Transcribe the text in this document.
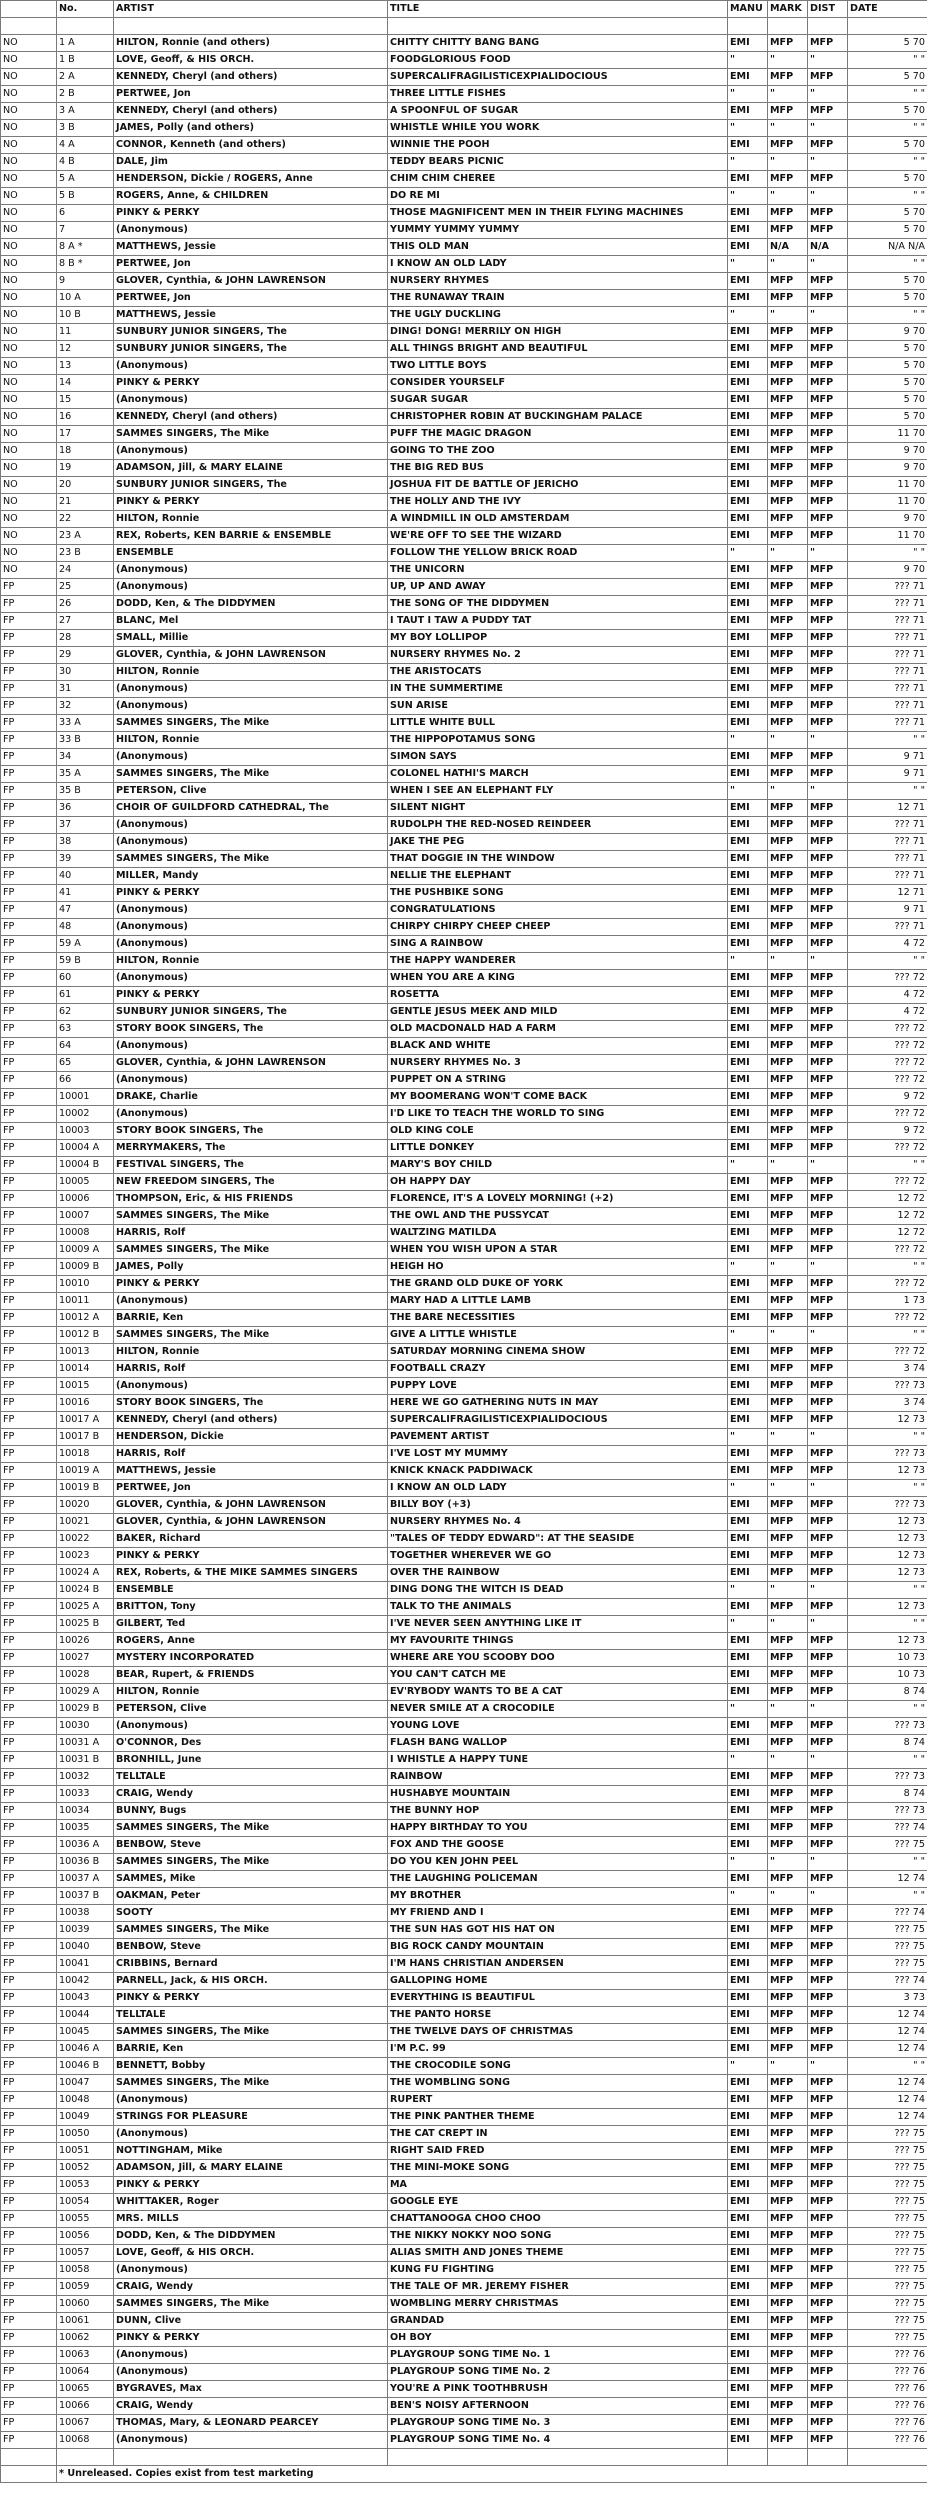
	No.	ARTIST	TITLE	MANU	MARK	DIST	DATE

NO	1 A	HILTON, Ronnie (and others)	CHITTY CHITTY BANG BANG	EMI	MFP	MFP	5 70
NO	1 B	LOVE, Geoff, & HIS ORCH.	FOODGLORIOUS FOOD	"	"	"	" "
NO	2 A	KENNEDY, Cheryl (and others)	SUPERCALIFRAGILISTICEXPIALIDOCIOUS	EMI	MFP	MFP	5 70
NO	2 B	PERTWEE, Jon	THREE LITTLE FISHES	"	"	"	" "
NO	3 A	KENNEDY, Cheryl (and others)	A SPOONFUL OF SUGAR	EMI	MFP	MFP	5 70
NO	3 B	JAMES, Polly (and others)	WHISTLE WHILE YOU WORK	"	"	"	" "
NO	4 A	CONNOR, Kenneth (and others)	WINNIE THE POOH	EMI	MFP	MFP	5 70
NO	4 B	DALE, Jim	TEDDY BEARS PICNIC	"	"	"	" "
NO	5 A	HENDERSON, Dickie / ROGERS, Anne	CHIM CHIM CHEREE	EMI	MFP	MFP	5 70
NO	5 B	ROGERS, Anne, & CHILDREN	DO RE MI	"	"	"	" "
NO	6	PINKY & PERKY	THOSE MAGNIFICENT MEN IN THEIR FLYING MACHINES	EMI	MFP	MFP	5 70
NO	7	(Anonymous)	YUMMY YUMMY YUMMY	EMI	MFP	MFP	5 70
NO	8 A *	MATTHEWS, Jessie	THIS OLD MAN	EMI	N/A	N/A	N/A N/A
NO	8 B *	PERTWEE, Jon	I KNOW AN OLD LADY	"	"	"	" "
NO	9	GLOVER, Cynthia, & JOHN LAWRENSON	NURSERY RHYMES	EMI	MFP	MFP	5 70
NO	10 A	PERTWEE, Jon	THE RUNAWAY TRAIN	EMI	MFP	MFP	5 70
NO	10 B	MATTHEWS, Jessie	THE UGLY DUCKLING	"	"	"	" "
NO	11	SUNBURY JUNIOR SINGERS, The	DING! DONG! MERRILY ON HIGH	EMI	MFP	MFP	9 70
NO	12	SUNBURY JUNIOR SINGERS, The	ALL THINGS BRIGHT AND BEAUTIFUL	EMI	MFP	MFP	5 70
NO	13	(Anonymous)	TWO LITTLE BOYS	EMI	MFP	MFP	5 70
NO	14	PINKY & PERKY	CONSIDER YOURSELF	EMI	MFP	MFP	5 70
NO	15	(Anonymous)	SUGAR SUGAR	EMI	MFP	MFP	5 70
NO	16	KENNEDY, Cheryl (and others)	CHRISTOPHER ROBIN AT BUCKINGHAM PALACE	EMI	MFP	MFP	5 70
NO	17	SAMMES SINGERS, The Mike	PUFF THE MAGIC DRAGON	EMI	MFP	MFP	11 70
NO	18	(Anonymous)	GOING TO THE ZOO	EMI	MFP	MFP	9 70
NO	19	ADAMSON, Jill, & MARY ELAINE	THE BIG RED BUS	EMI	MFP	MFP	9 70
NO	20	SUNBURY JUNIOR SINGERS, The	JOSHUA FIT DE BATTLE OF JERICHO	EMI	MFP	MFP	11 70
NO	21	PINKY & PERKY	THE HOLLY AND THE IVY	EMI	MFP	MFP	11 70
NO	22	HILTON, Ronnie	A WINDMILL IN OLD AMSTERDAM	EMI	MFP	MFP	9 70
NO	23 A	REX, Roberts, KEN BARRIE & ENSEMBLE	WE'RE OFF TO SEE THE WIZARD	EMI	MFP	MFP	11 70
NO	23 B	ENSEMBLE	FOLLOW THE YELLOW BRICK ROAD	"	"	"	" "
NO	24	(Anonymous)	THE UNICORN	EMI	MFP	MFP	9 70
FP	25	(Anonymous)	UP, UP AND AWAY	EMI	MFP	MFP	??? 71
FP	26	DODD, Ken, & The DIDDYMEN	THE SONG OF THE DIDDYMEN	EMI	MFP	MFP	??? 71
FP	27	BLANC, Mel	I TAUT I TAW A PUDDY TAT	EMI	MFP	MFP	??? 71
FP	28	SMALL, Millie	MY BOY LOLLIPOP	EMI	MFP	MFP	??? 71
FP	29	GLOVER, Cynthia, & JOHN LAWRENSON	NURSERY RHYMES No. 2	EMI	MFP	MFP	??? 71
FP	30	HILTON, Ronnie	THE ARISTOCATS	EMI	MFP	MFP	??? 71
FP	31	(Anonymous)	IN THE SUMMERTIME	EMI	MFP	MFP	??? 71
FP	32	(Anonymous)	SUN ARISE	EMI	MFP	MFP	??? 71
FP	33 A	SAMMES SINGERS, The Mike	LITTLE WHITE BULL	EMI	MFP	MFP	??? 71
FP	33 B	HILTON, Ronnie	THE HIPPOPOTAMUS SONG	"	"	"	" "
FP	34	(Anonymous)	SIMON SAYS	EMI	MFP	MFP	9 71
FP	35 A	SAMMES SINGERS, The Mike	COLONEL HATHI'S MARCH	EMI	MFP	MFP	9 71
FP	35 B	PETERSON, Clive	WHEN I SEE AN ELEPHANT FLY	"	"	"	" "
FP	36	CHOIR OF GUILDFORD CATHEDRAL, The	SILENT NIGHT	EMI	MFP	MFP	12 71
FP	37	(Anonymous)	RUDOLPH THE RED-NOSED REINDEER	EMI	MFP	MFP	??? 71
FP	38	(Anonymous)	JAKE THE PEG	EMI	MFP	MFP	??? 71
FP	39	SAMMES SINGERS, The Mike	THAT DOGGIE IN THE WINDOW	EMI	MFP	MFP	??? 71
FP	40	MILLER, Mandy	NELLIE THE ELEPHANT	EMI	MFP	MFP	??? 71
FP	41	PINKY & PERKY	THE PUSHBIKE SONG	EMI	MFP	MFP	12 71
FP	47	(Anonymous)	CONGRATULATIONS	EMI	MFP	MFP	9 71
FP	48	(Anonymous)	CHIRPY CHIRPY CHEEP CHEEP	EMI	MFP	MFP	??? 71
FP	59 A	(Anonymous)	SING A RAINBOW	EMI	MFP	MFP	4 72
FP	59 B	HILTON, Ronnie	THE HAPPY WANDERER	"	"	"	" "
FP	60	(Anonymous)	WHEN YOU ARE A KING	EMI	MFP	MFP	??? 72
FP	61	PINKY & PERKY	ROSETTA	EMI	MFP	MFP	4 72
FP	62	SUNBURY JUNIOR SINGERS, The	GENTLE JESUS MEEK AND MILD	EMI	MFP	MFP	4 72
FP	63	STORY BOOK SINGERS, The	OLD MACDONALD HAD A FARM	EMI	MFP	MFP	??? 72
FP	64	(Anonymous)	BLACK AND WHITE	EMI	MFP	MFP	??? 72
FP	65	GLOVER, Cynthia, & JOHN LAWRENSON	NURSERY RHYMES No. 3	EMI	MFP	MFP	??? 72
FP	66	(Anonymous)	PUPPET ON A STRING	EMI	MFP	MFP	??? 72
FP	10001	DRAKE, Charlie	MY BOOMERANG WON'T COME BACK	EMI	MFP	MFP	9 72
FP	10002	(Anonymous)	I'D LIKE TO TEACH THE WORLD TO SING	EMI	MFP	MFP	??? 72
FP	10003	STORY BOOK SINGERS, The	OLD KING COLE	EMI	MFP	MFP	9 72
FP	10004 A	MERRYMAKERS, The	LITTLE DONKEY	EMI	MFP	MFP	??? 72
FP	10004 B	FESTIVAL SINGERS, The	MARY'S BOY CHILD	"	"	"	" "
FP	10005	NEW FREEDOM SINGERS, The	OH HAPPY DAY	EMI	MFP	MFP	??? 72
FP	10006	THOMPSON, Eric, & HIS FRIENDS	FLORENCE, IT'S A LOVELY MORNING! (+2)	EMI	MFP	MFP	12 72
FP	10007	SAMMES SINGERS, The Mike	THE OWL AND THE PUSSYCAT	EMI	MFP	MFP	12 72
FP	10008	HARRIS, Rolf	WALTZING MATILDA	EMI	MFP	MFP	12 72
FP	10009 A	SAMMES SINGERS, The Mike	WHEN YOU WISH UPON A STAR	EMI	MFP	MFP	??? 72
FP	10009 B	JAMES, Polly	HEIGH HO	"	"	"	" "
FP	10010	PINKY & PERKY	THE GRAND OLD DUKE OF YORK	EMI	MFP	MFP	??? 72
FP	10011	(Anonymous)	MARY HAD A LITTLE LAMB	EMI	MFP	MFP	1 73
FP	10012 A	BARRIE, Ken	THE BARE NECESSITIES	EMI	MFP	MFP	??? 72
FP	10012 B	SAMMES SINGERS, The Mike	GIVE A LITTLE WHISTLE	"	"	"	" "
FP	10013	HILTON, Ronnie	SATURDAY MORNING CINEMA SHOW	EMI	MFP	MFP	??? 72
FP	10014	HARRIS, Rolf	FOOTBALL CRAZY	EMI	MFP	MFP	3 74
FP	10015	(Anonymous)	PUPPY LOVE	EMI	MFP	MFP	??? 73
FP	10016	STORY BOOK SINGERS, The	HERE WE GO GATHERING NUTS IN MAY	EMI	MFP	MFP	3 74
FP	10017 A	KENNEDY, Cheryl (and others)	SUPERCALIFRAGILISTICEXPIALIDOCIOUS	EMI	MFP	MFP	12 73
FP	10017 B	HENDERSON, Dickie	PAVEMENT ARTIST	"	"	"	" "
FP	10018	HARRIS, Rolf	I'VE LOST MY MUMMY	EMI	MFP	MFP	??? 73
FP	10019 A	MATTHEWS, Jessie	KNICK KNACK PADDIWACK	EMI	MFP	MFP	12 73
FP	10019 B	PERTWEE, Jon	I KNOW AN OLD LADY	"	"	"	" "
FP	10020	GLOVER, Cynthia, & JOHN LAWRENSON	BILLY BOY (+3)	EMI	MFP	MFP	??? 73
FP	10021	GLOVER, Cynthia, & JOHN LAWRENSON	NURSERY RHYMES No. 4	EMI	MFP	MFP	12 73
FP	10022	BAKER, Richard	"TALES OF TEDDY EDWARD": AT THE SEASIDE	EMI	MFP	MFP	12 73
FP	10023	PINKY & PERKY	TOGETHER WHEREVER WE GO	EMI	MFP	MFP	12 73
FP	10024 A	REX, Roberts, & THE MIKE SAMMES SINGERS	OVER THE RAINBOW	EMI	MFP	MFP	12 73
FP	10024 B	ENSEMBLE	DING DONG THE WITCH IS DEAD	"	"	"	" "
FP	10025 A	BRITTON, Tony	TALK TO THE ANIMALS	EMI	MFP	MFP	12 73
FP	10025 B	GILBERT, Ted	I'VE NEVER SEEN ANYTHING LIKE IT	"	"	"	" "
FP	10026	ROGERS, Anne	MY FAVOURITE THINGS	EMI	MFP	MFP	12 73
FP	10027	MYSTERY INCORPORATED	WHERE ARE YOU SCOOBY DOO	EMI	MFP	MFP	10 73
FP	10028	BEAR, Rupert, & FRIENDS	YOU CAN'T CATCH ME	EMI	MFP	MFP	10 73
FP	10029 A	HILTON, Ronnie	EV'RYBODY WANTS TO BE A CAT	EMI	MFP	MFP	8 74
FP	10029 B	PETERSON, Clive	NEVER SMILE AT A CROCODILE	"	"	"	" "
FP	10030	(Anonymous)	YOUNG LOVE	EMI	MFP	MFP	??? 73
FP	10031 A	O'CONNOR, Des	FLASH BANG WALLOP	EMI	MFP	MFP	8 74
FP	10031 B	BRONHILL, June	I WHISTLE A HAPPY TUNE	"	"	"	" "
FP	10032	TELLTALE	RAINBOW	EMI	MFP	MFP	??? 73
FP	10033	CRAIG, Wendy	HUSHABYE MOUNTAIN	EMI	MFP	MFP	8 74
FP	10034	BUNNY, Bugs	THE BUNNY HOP	EMI	MFP	MFP	??? 73
FP	10035	SAMMES SINGERS, The Mike	HAPPY BIRTHDAY TO YOU	EMI	MFP	MFP	??? 74
FP	10036 A	BENBOW, Steve	FOX AND THE GOOSE	EMI	MFP	MFP	??? 75
FP	10036 B	SAMMES SINGERS, The Mike	DO YOU KEN JOHN PEEL	"	"	"	" "
FP	10037 A	SAMMES, Mike	THE LAUGHING POLICEMAN	EMI	MFP	MFP	12 74
FP	10037 B	OAKMAN, Peter	MY BROTHER	"	"	"	" "
FP	10038	SOOTY	MY FRIEND AND I	EMI	MFP	MFP	??? 74
FP	10039	SAMMES SINGERS, The Mike	THE SUN HAS GOT HIS HAT ON	EMI	MFP	MFP	??? 75
FP	10040	BENBOW, Steve	BIG ROCK CANDY MOUNTAIN	EMI	MFP	MFP	??? 75
FP	10041	CRIBBINS, Bernard	I'M HANS CHRISTIAN ANDERSEN	EMI	MFP	MFP	??? 75
FP	10042	PARNELL, Jack, & HIS ORCH.	GALLOPING HOME	EMI	MFP	MFP	??? 74
FP	10043	PINKY & PERKY	EVERYTHING IS BEAUTIFUL	EMI	MFP	MFP	3 73
FP	10044	TELLTALE	THE PANTO HORSE	EMI	MFP	MFP	12 74
FP	10045	SAMMES SINGERS, The Mike	THE TWELVE DAYS OF CHRISTMAS	EMI	MFP	MFP	12 74
FP	10046 A	BARRIE, Ken	I'M P.C. 99	EMI	MFP	MFP	12 74
FP	10046 B	BENNETT, Bobby	THE CROCODILE SONG	"	"	"	" "
FP	10047	SAMMES SINGERS, The Mike	THE WOMBLING SONG	EMI	MFP	MFP	12 74
FP	10048	(Anonymous)	RUPERT	EMI	MFP	MFP	12 74
FP	10049	STRINGS FOR PLEASURE	THE PINK PANTHER THEME	EMI	MFP	MFP	12 74
FP	10050	(Anonymous)	THE CAT CREPT IN	EMI	MFP	MFP	??? 75
FP	10051	NOTTINGHAM, Mike	RIGHT SAID FRED	EMI	MFP	MFP	??? 75
FP	10052	ADAMSON, Jill, & MARY ELAINE	THE MINI-MOKE SONG	EMI	MFP	MFP	??? 75
FP	10053	PINKY & PERKY	MA	EMI	MFP	MFP	??? 75
FP	10054	WHITTAKER, Roger	GOOGLE EYE	EMI	MFP	MFP	??? 75
FP	10055	MRS. MILLS	CHATTANOOGA CHOO CHOO	EMI	MFP	MFP	??? 75
FP	10056	DODD, Ken, & The DIDDYMEN	THE NIKKY NOKKY NOO SONG	EMI	MFP	MFP	??? 75
FP	10057	LOVE, Geoff, & HIS ORCH.	ALIAS SMITH AND JONES THEME	EMI	MFP	MFP	??? 75
FP	10058	(Anonymous)	KUNG FU FIGHTING	EMI	MFP	MFP	??? 75
FP	10059	CRAIG, Wendy	THE TALE OF MR. JEREMY FISHER	EMI	MFP	MFP	??? 75
FP	10060	SAMMES SINGERS, The Mike	WOMBLING MERRY CHRISTMAS	EMI	MFP	MFP	??? 75
FP	10061	DUNN, Clive	GRANDAD	EMI	MFP	MFP	??? 75
FP	10062	PINKY & PERKY	OH BOY	EMI	MFP	MFP	??? 75
FP	10063	(Anonymous)	PLAYGROUP SONG TIME No. 1	EMI	MFP	MFP	??? 76
FP	10064	(Anonymous)	PLAYGROUP SONG TIME No. 2	EMI	MFP	MFP	??? 76
FP	10065	BYGRAVES, Max	YOU'RE A PINK TOOTHBRUSH	EMI	MFP	MFP	??? 76
FP	10066	CRAIG, Wendy	BEN'S NOISY AFTERNOON	EMI	MFP	MFP	??? 76
FP	10067	THOMAS, Mary, & LEONARD PEARCEY	PLAYGROUP SONG TIME No. 3	EMI	MFP	MFP	??? 76
FP	10068	(Anonymous)	PLAYGROUP SONG TIME No. 4	EMI	MFP	MFP	??? 76

	* Unreleased. Copies exist from test marketing						
